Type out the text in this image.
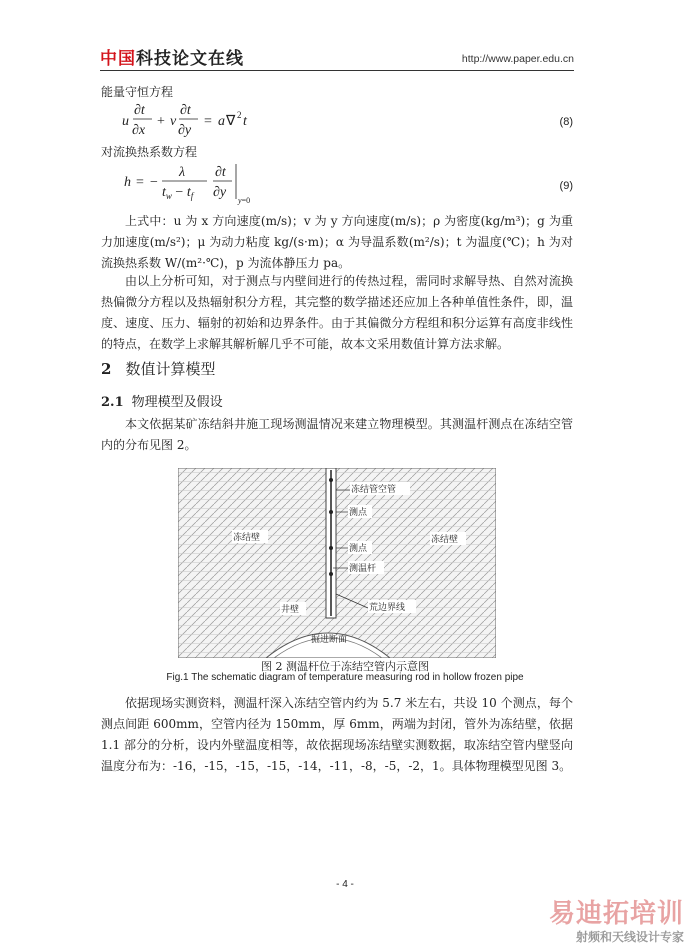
中国科技论文在线	http://www.paper.edu.cn
能量守恒方程
u
∂t
∂x
+ v
∂t
∂y
= a ∇ 2 t	(8)
对流换热系数方程
h = −
λ
$t_w - t_f$
∂t
∂y
y=0
(9)
上式中：u 为 x 方向速度(m/s)；v 为 y 方向速度(m/s)；ρ 为密度(kg/m³)；g 为重力加速度(m/s²)；μ 为动力粘度 kg/(s·m)；α 为导温系数(m²/s)；t 为温度(℃)；h 为对流换热系数 W/(m²·℃)，p 为流体静压力 pa。
由以上分析可知，对于测点与内壁间进行的传热过程，需同时求解导热、自然对流换热偏微分方程以及热辐射积分方程，其完整的数学描述还应加上各种单值性条件，即，温度、速度、压力、辐射的初始和边界条件。由于其偏微分方程组和积分运算有高度非线性的特点，在数学上求解其解析解几乎不可能，故本文采用数值计算方法求解。
2 数值计算模型
2.1 物理模型及假设
本文依据某矿冻结斜井施工现场测温情况来建立物理模型。其测温杆测点在冻结空管内的分布见图 2。
冻结管空管
测点
冻结壁
测点
冻结壁
测温杆
井壁	荒边界线
掘进断面
图 2 测温杆位于冻结空管内示意图
Fig.1 The schematic diagram of temperature measuring rod in hollow frozen pipe
依据现场实测资料，测温杆深入冻结空管内约为 5.7 米左右，共设 10 个测点，每个测点间距 600mm，空管内径为 150mm，厚 6mm，两端为封闭，管外为冻结壁，依据 1.1 部分的分析，设内外壁温度相等，故依据现场冻结壁实测数据，取冻结空管内壁竖向温度分布为：-16，-15，-15，-15，-14，-11，-8，-5，-2，1。具体物理模型见图 3。
- 4 -
易迪拓培训
射频和天线设计专家
